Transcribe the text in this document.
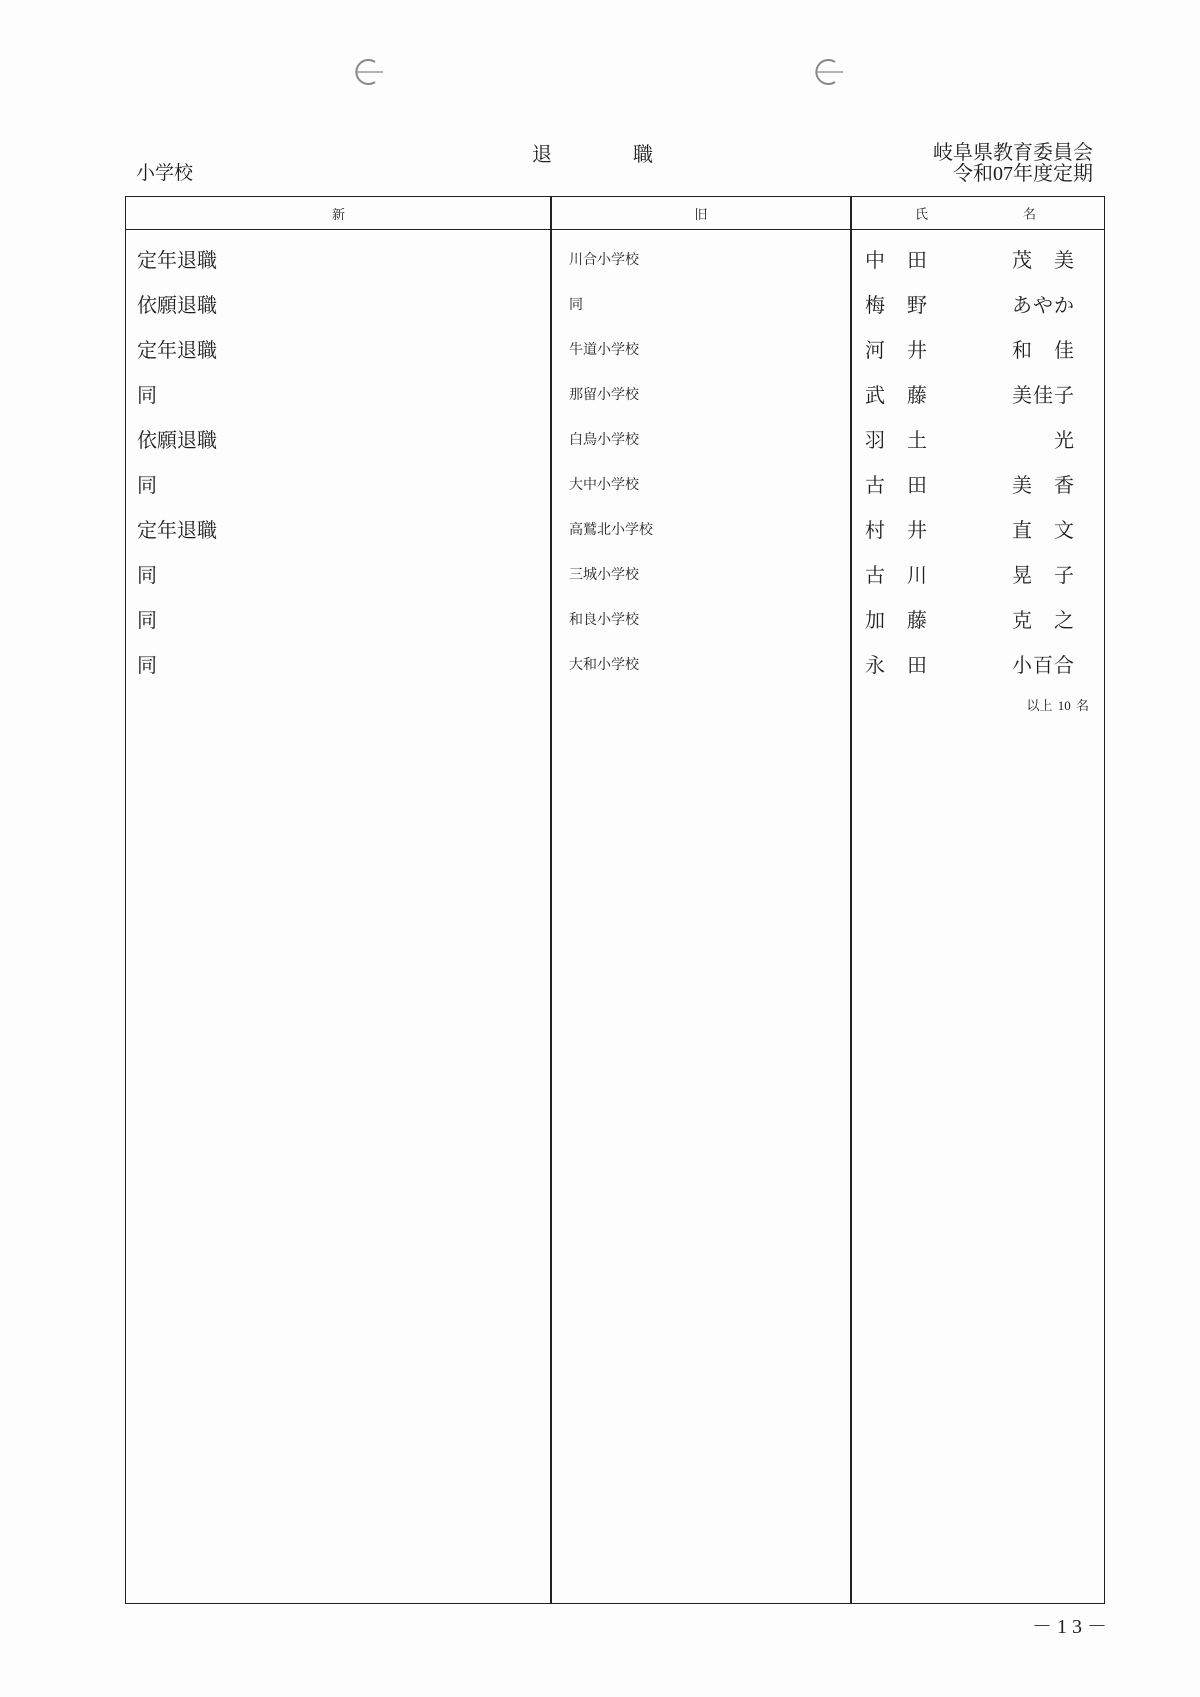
小学校
退職	岐阜県教育委員会
令和07年度定期
新	旧	氏	名
定年退職	川合小学校	中田	茂 美
依願退職	同	梅野	あ や か
定年退職	牛道小学校	河井	和 佳
同	那留小学校	武藤	美 佳 子
依願退職	白鳥小学校	羽土	光
同	大中小学校	古田	美 香
定年退職	高鷲北小学校	村井	直 文
同	三城小学校	古川	晃 子
同	和良小学校	加藤	克 之
同	大和小学校	永田	小 百 合
以上 10 名
－13－
